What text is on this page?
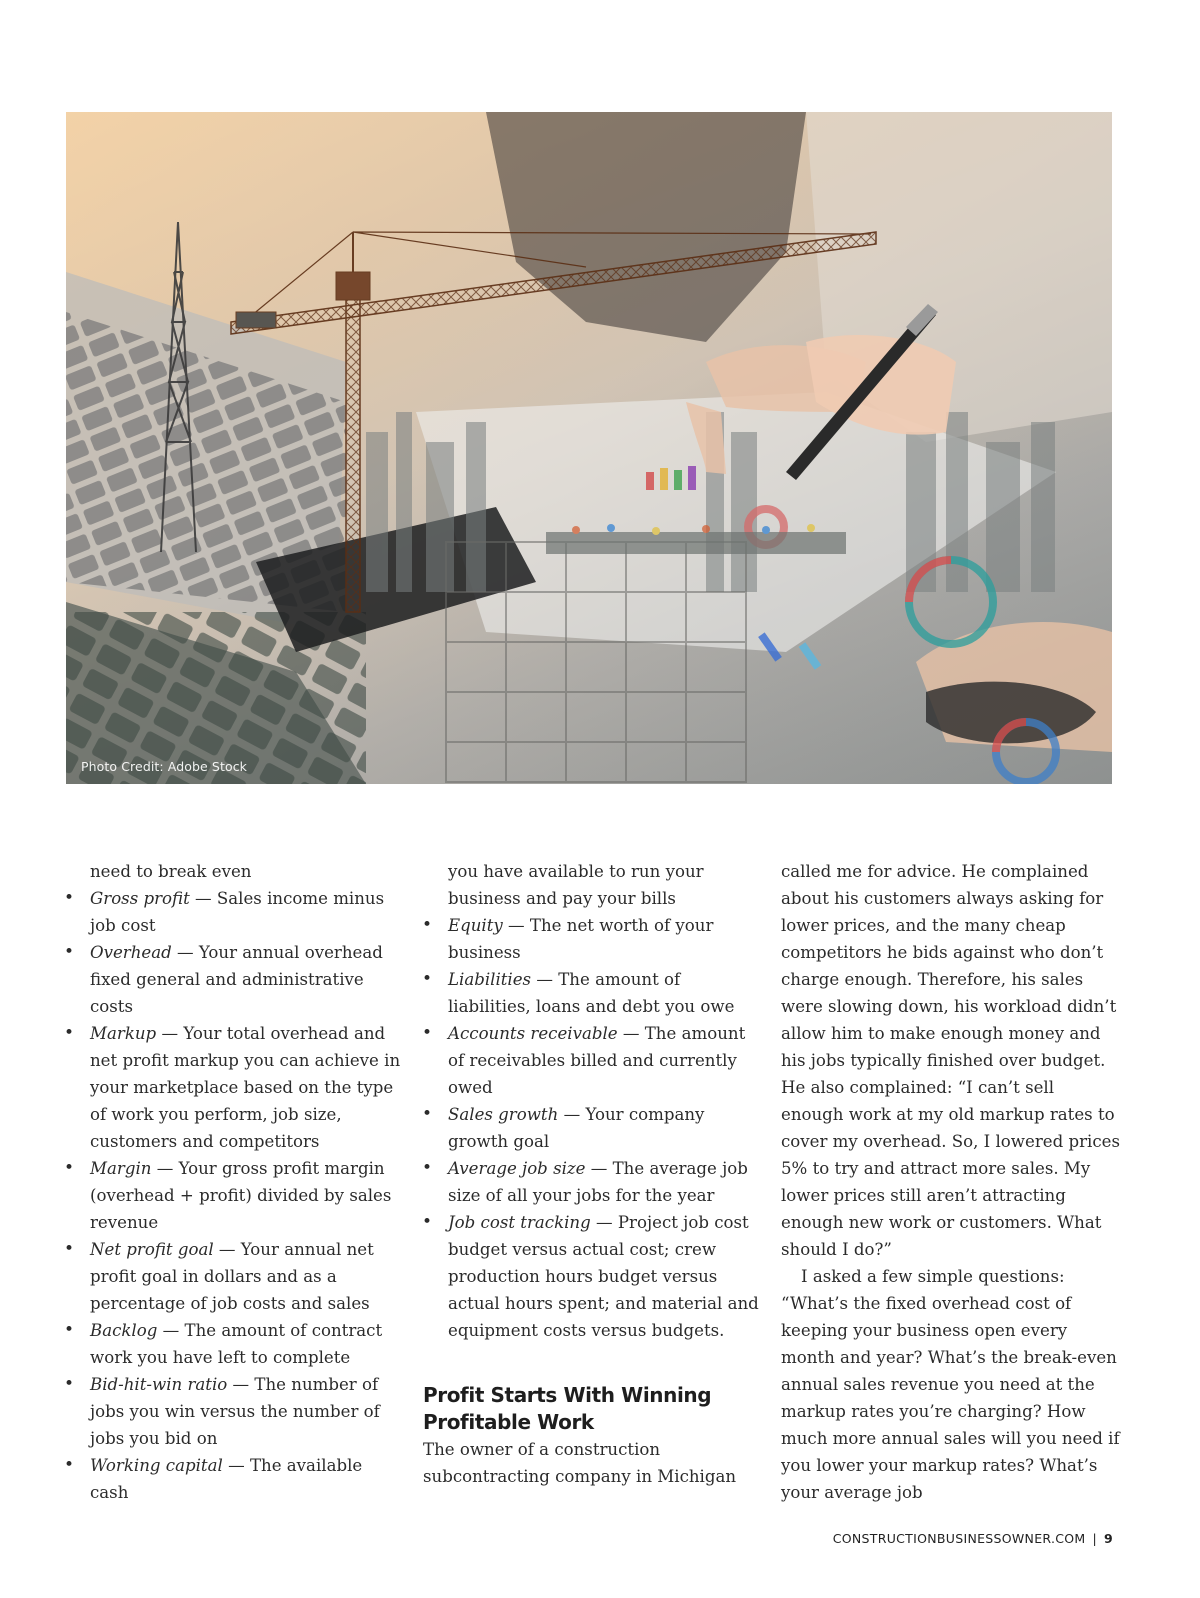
Photo Credit: Adobe Stock

need to break even

• Gross profit — Sales income minus job cost
• Overhead — Your annual overhead fixed general and administrative costs
• Markup — Your total overhead and net profit markup you can achieve in your marketplace based on the type of work you perform, job size, customers and competitors
• Margin — Your gross profit margin (overhead + profit) divided by sales revenue
• Net profit goal — Your annual net profit goal in dollars and as a percentage of job costs and sales
• Backlog — The amount of contract work you have left to complete
• Bid-hit-win ratio — The number of jobs you win versus the number of jobs you bid on
• Working capital — The available cash

you have available to run your business and pay your bills

• Equity — The net worth of your business
• Liabilities — The amount of liabilities, loans and debt you owe
• Accounts receivable — The amount of receivables billed and currently owed
• Sales growth — Your company growth goal
• Average job size — The average job size of all your jobs for the year
• Job cost tracking — Project job cost budget versus actual cost; crew production hours budget versus actual hours spent; and material and equipment costs versus budgets.
Profit Starts With Winning Profitable Work

The owner of a construction subcontracting company in Michigan

called me for advice. He complained about his customers always asking for lower prices, and the many cheap competitors he bids against who don’t charge enough. Therefore, his sales were slowing down, his workload didn’t allow him to make enough money and his jobs typically finished over budget. He also complained: “I can’t sell enough work at my old markup rates to cover my overhead. So, I lowered prices 5% to try and attract more sales. My lower prices still aren’t attracting enough new work or customers. What should I do?”

I asked a few simple questions: “What’s the fixed overhead cost of keeping your business open every month and year? What’s the break-even annual sales revenue you need at the markup rates you’re charging? How much more annual sales will you need if you lower your markup rates? What’s your average job

CONSTRUCTIONBUSINESSOWNER.COM | 9
